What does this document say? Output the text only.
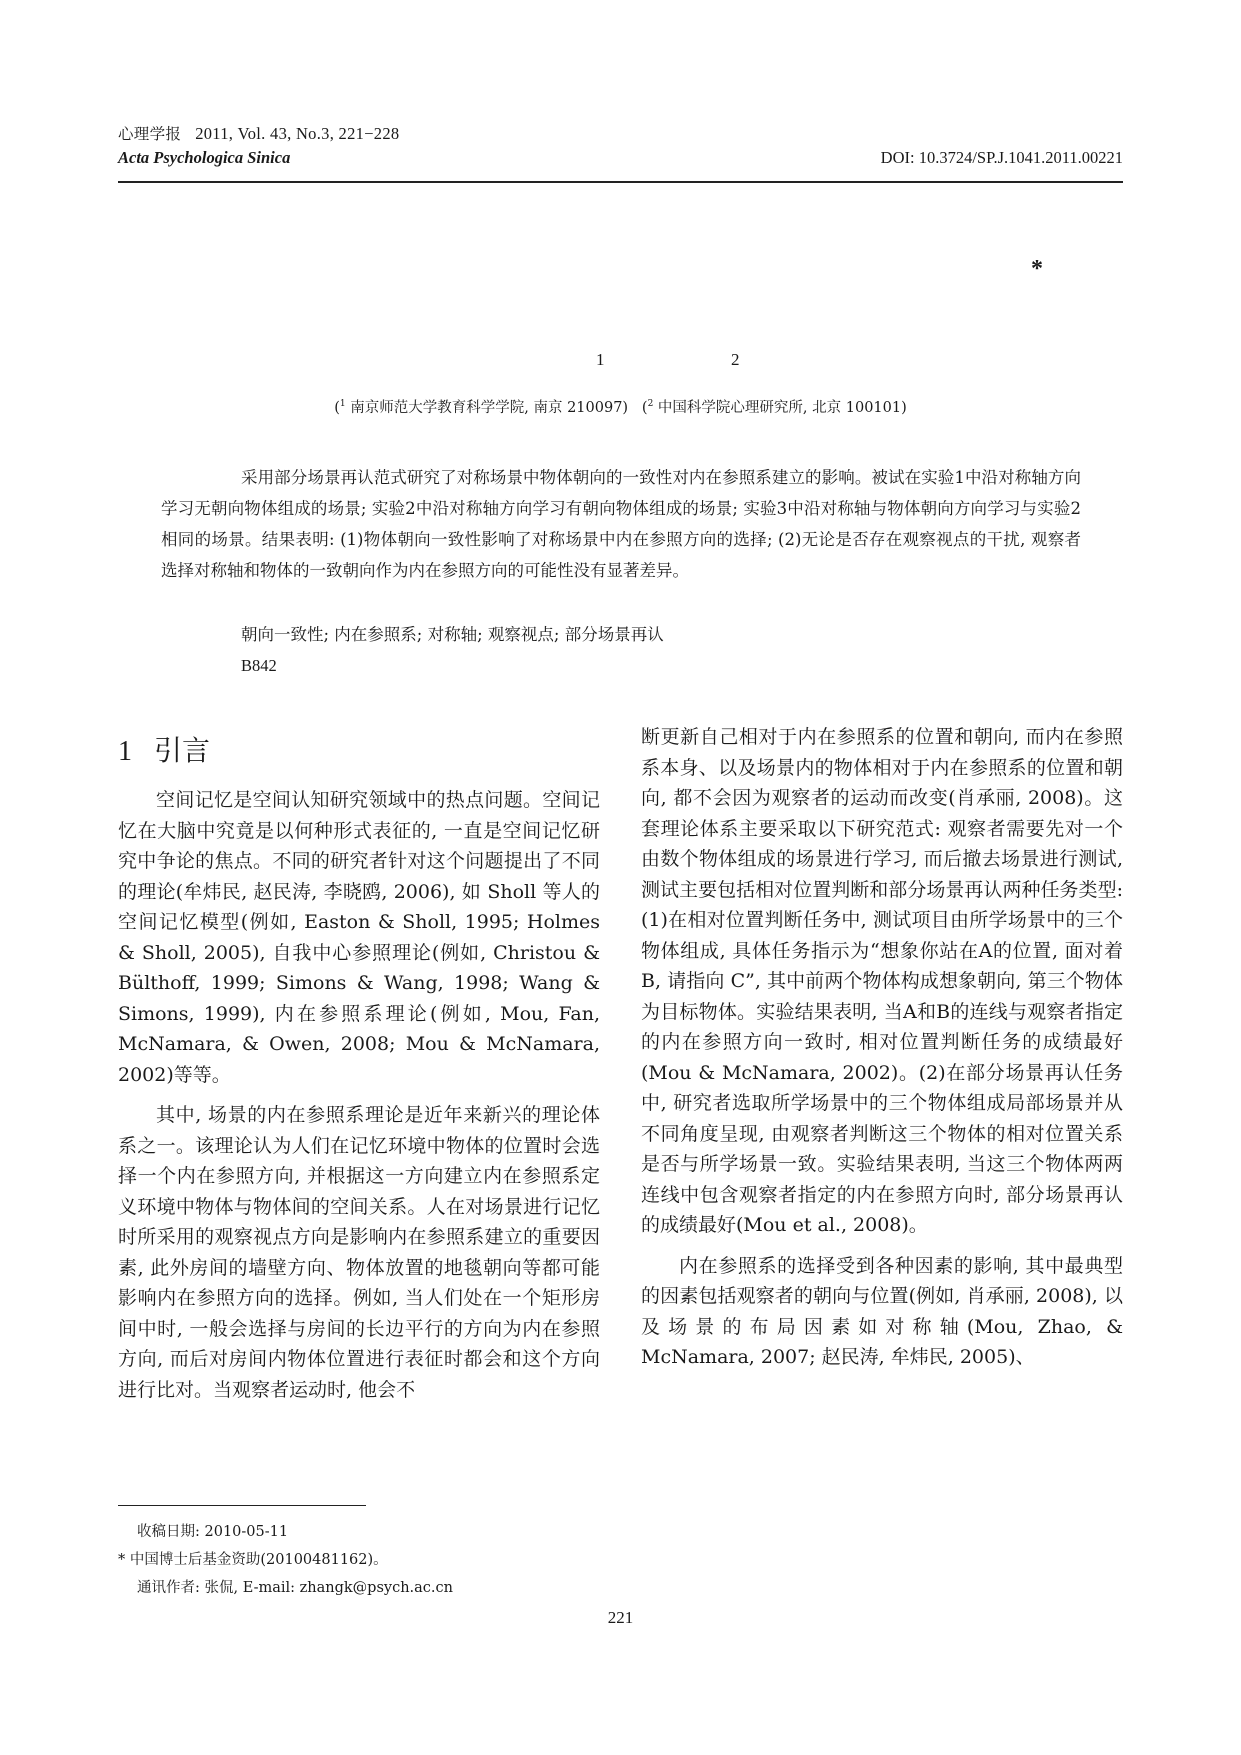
心理学报 2011, Vol. 43, No.3, 221−228
Acta Psychologica Sinica	DOI: 10.3724/SP.J.1041.2011.00221
*
1	2
($^1$ 南京师范大学教育科学学院, 南京 210097)   ($^2$ 中国科学院心理研究所, 北京 100101)

采用部分场景再认范式研究了对称场景中物体朝向的一致性对内在参照系建立的影响。被试在实验1中沿对称轴方向学习无朝向物体组成的场景; 实验2中沿对称轴方向学习有朝向物体组成的场景; 实验3中沿对称轴与物体朝向方向学习与实验2相同的场景。结果表明: (1)物体朝向一致性影响了对称场景中内在参照方向的选择; (2)无论是否存在观察视点的干扰, 观察者选择对称轴和物体的一致朝向作为内在参照方向的可能性没有显著差异。

朝向一致性; 内在参照系; 对称轴; 观察视点; 部分场景再认
B842
1 引言

空间记忆是空间认知研究领域中的热点问题。空间记忆在大脑中究竟是以何种形式表征的, 一直是空间记忆研究中争论的焦点。不同的研究者针对这个问题提出了不同的理论(牟炜民, 赵民涛, 李晓鸥, 2006), 如 Sholl 等人的空间记忆模型(例如, Easton & Sholl, 1995; Holmes & Sholl, 2005), 自我中心参照理论(例如, Christou & Bülthoff, 1999; Simons & Wang, 1998; Wang & Simons, 1999), 内在参照系理论(例如, Mou, Fan, McNamara, & Owen, 2008; Mou & McNamara, 2002)等等。

其中, 场景的内在参照系理论是近年来新兴的理论体系之一。该理论认为人们在记忆环境中物体的位置时会选择一个内在参照方向, 并根据这一方向建立内在参照系定义环境中物体与物体间的空间关系。人在对场景进行记忆时所采用的观察视点方向是影响内在参照系建立的重要因素, 此外房间的墙壁方向、物体放置的地毯朝向等都可能影响内在参照方向的选择。例如, 当人们处在一个矩形房间中时, 一般会选择与房间的长边平行的方向为内在参照方向, 而后对房间内物体位置进行表征时都会和这个方向进行比对。当观察者运动时, 他会不

断更新自己相对于内在参照系的位置和朝向, 而内在参照系本身、以及场景内的物体相对于内在参照系的位置和朝向, 都不会因为观察者的运动而改变(肖承丽, 2008)。这套理论体系主要采取以下研究范式: 观察者需要先对一个由数个物体组成的场景进行学习, 而后撤去场景进行测试, 测试主要包括相对位置判断和部分场景再认两种任务类型: (1)在相对位置判断任务中, 测试项目由所学场景中的三个物体组成, 具体任务指示为“想象你站在A的位置, 面对着 B, 请指向 C”, 其中前两个物体构成想象朝向, 第三个物体为目标物体。实验结果表明, 当A和B的连线与观察者指定的内在参照方向一致时, 相对位置判断任务的成绩最好(Mou & McNamara, 2002)。(2)在部分场景再认任务中, 研究者选取所学场景中的三个物体组成局部场景并从不同角度呈现, 由观察者判断这三个物体的相对位置关系是否与所学场景一致。实验结果表明, 当这三个物体两两连线中包含观察者指定的内在参照方向时, 部分场景再认的成绩最好(Mou et al., 2008)。

内在参照系的选择受到各种因素的影响, 其中最典型的因素包括观察者的朝向与位置(例如, 肖承丽, 2008), 以及场景的布局因素如对称轴(Mou, Zhao, & McNamara, 2007; 赵民涛, 牟炜民, 2005)、

收稿日期: 2010-05-11
* 中国博士后基金资助(20100481162)。
通讯作者: 张侃, E-mail: zhangk@psych.ac.cn
221
